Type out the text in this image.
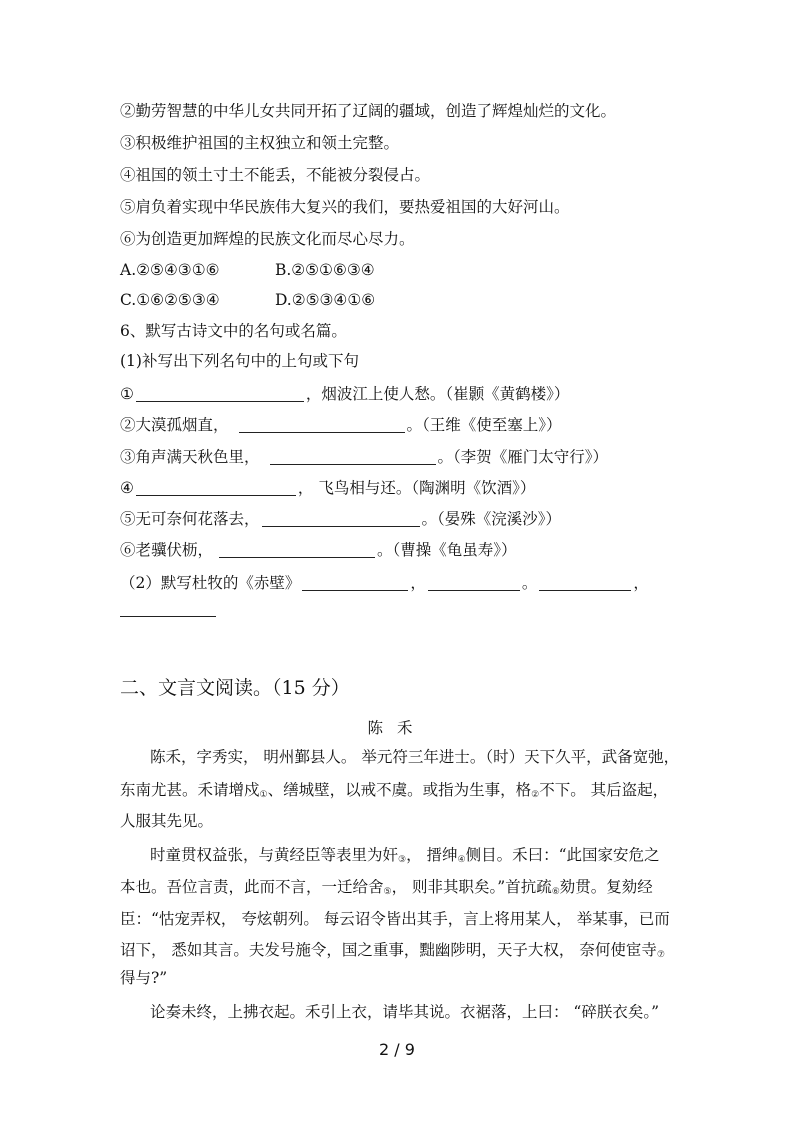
②勤劳智慧的中华儿女共同开拓了辽阔的疆域，创造了辉煌灿烂的文化。
③积极维护祖国的主权独立和领土完整。
④祖国的领土寸土不能丢，不能被分裂侵占。
⑤肩负着实现中华民族伟大复兴的我们，要热爱祖国的大好河山。
⑥为创造更加辉煌的民族文化而尽心尽力。
A.②⑤④③①⑥	B.②⑤①⑥③④
C.①⑥②⑤③④	D.②⑤③④①⑥
6、默写古诗文中的名句或名篇。
(1)补写出下列名句中的上句或下句
①	，烟波江上使人愁。（崔颢《黄鹤楼》）
②大漠孤烟直，	。（王维《使至塞上》）
③角声满天秋色里，	。（李贺《雁门太守行》）
④	， 飞鸟相与还。（陶渊明《饮酒》）
⑤无可奈何花落去，	。（晏殊《浣溪沙》）
⑥老骥伏枥，	。（曹操《龟虽寿》）
（2）默写杜牧的《赤壁》	，	。	，
二、文言文阅读。（15 分）
陈禾
陈禾，字秀实， 明州鄞县人。 举元符三年进士。（时）天下久平，武备宽弛，
东南尤甚。禾请增戍$_①$、缮城壁，以戒不虞。或指为生事，格$_②$不下。 其后盗起，
人服其先见。
时童贯权益张，与黄经臣等表里为奸$_③$， 搢绅$_④$侧目。禾曰：“此国家安危之
本也。吾位言责，此而不言，一迁给舍$_⑤$， 则非其职矣。”首抗疏$_⑥$劾贯。复劾经
臣：“怙宠弄权， 夸炫朝列。 每云诏令皆出其手，言上将用某人， 举某事，已而
诏下， 悉如其言。夫发号施令，国之重事，黜幽陟明，天子大权， 奈何使宦寺$_⑦$
得与?”
论奏未终，上拂衣起。禾引上衣，请毕其说。衣裾落，上曰： “碎朕衣矣。”
2 / 9
